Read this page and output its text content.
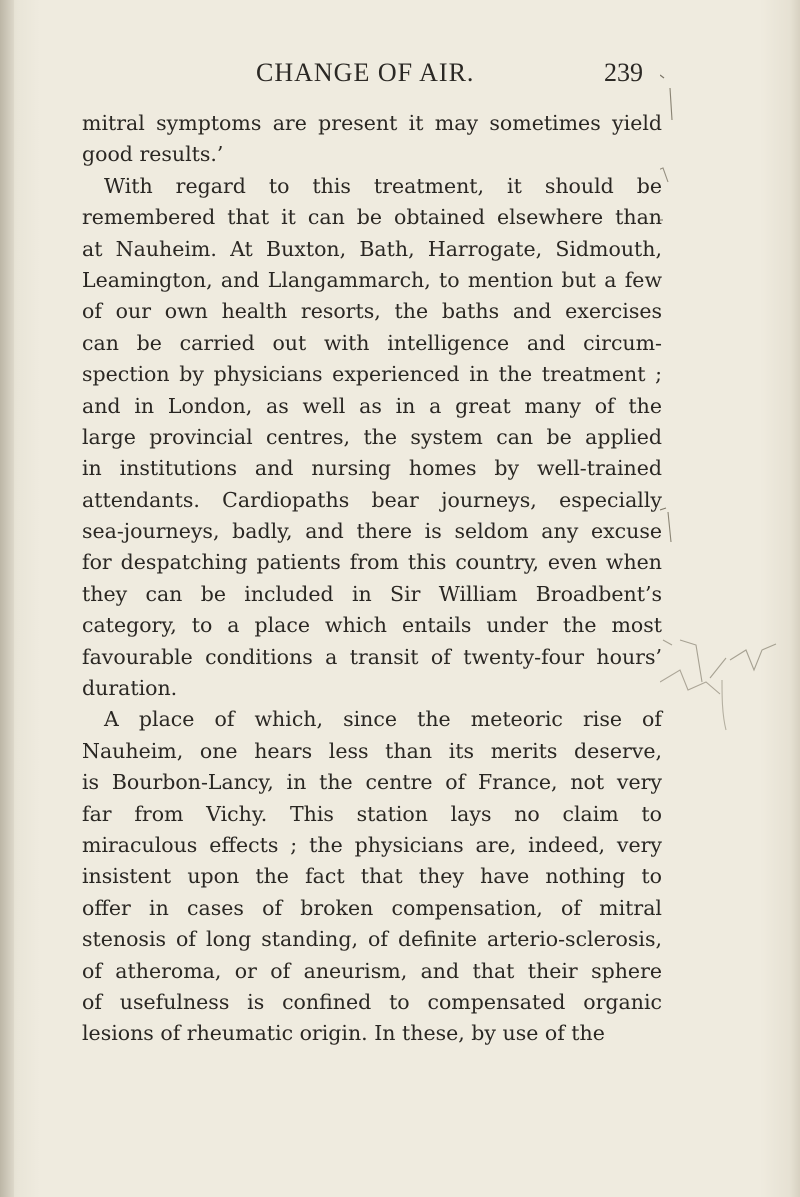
CHANGE OF AIR.	239
mitral symptoms are present it may sometimes yield
good results.’
With regard to this treatment, it should be
remembered that it can be obtained elsewhere than
at Nauheim. At Buxton, Bath, Harrogate, Sidmouth,
Leamington, and Llangammarch, to mention but a few
of our own health resorts, the baths and exercises
can be carried out with intelligence and circum-
spection by physicians experienced in the treatment ;
and in London, as well as in a great many of the
large provincial centres, the system can be applied
in institutions and nursing homes by well-trained
attendants. Cardiopaths bear journeys, especially
sea-journeys, badly, and there is seldom any excuse
for despatching patients from this country, even when
they can be included in Sir William Broadbent’s
category, to a place which entails under the most
favourable conditions a transit of twenty-four hours’
duration.
A place of which, since the meteoric rise of
Nauheim, one hears less than its merits deserve,
is Bourbon-Lancy, in the centre of France, not very
far from Vichy. This station lays no claim to
miraculous effects ; the physicians are, indeed, very
insistent upon the fact that they have nothing to
offer in cases of broken compensation, of mitral
stenosis of long standing, of definite arterio-sclerosis,
of atheroma, or of aneurism, and that their sphere
of usefulness is confined to compensated organic
lesions of rheumatic origin. In these, by use of the
